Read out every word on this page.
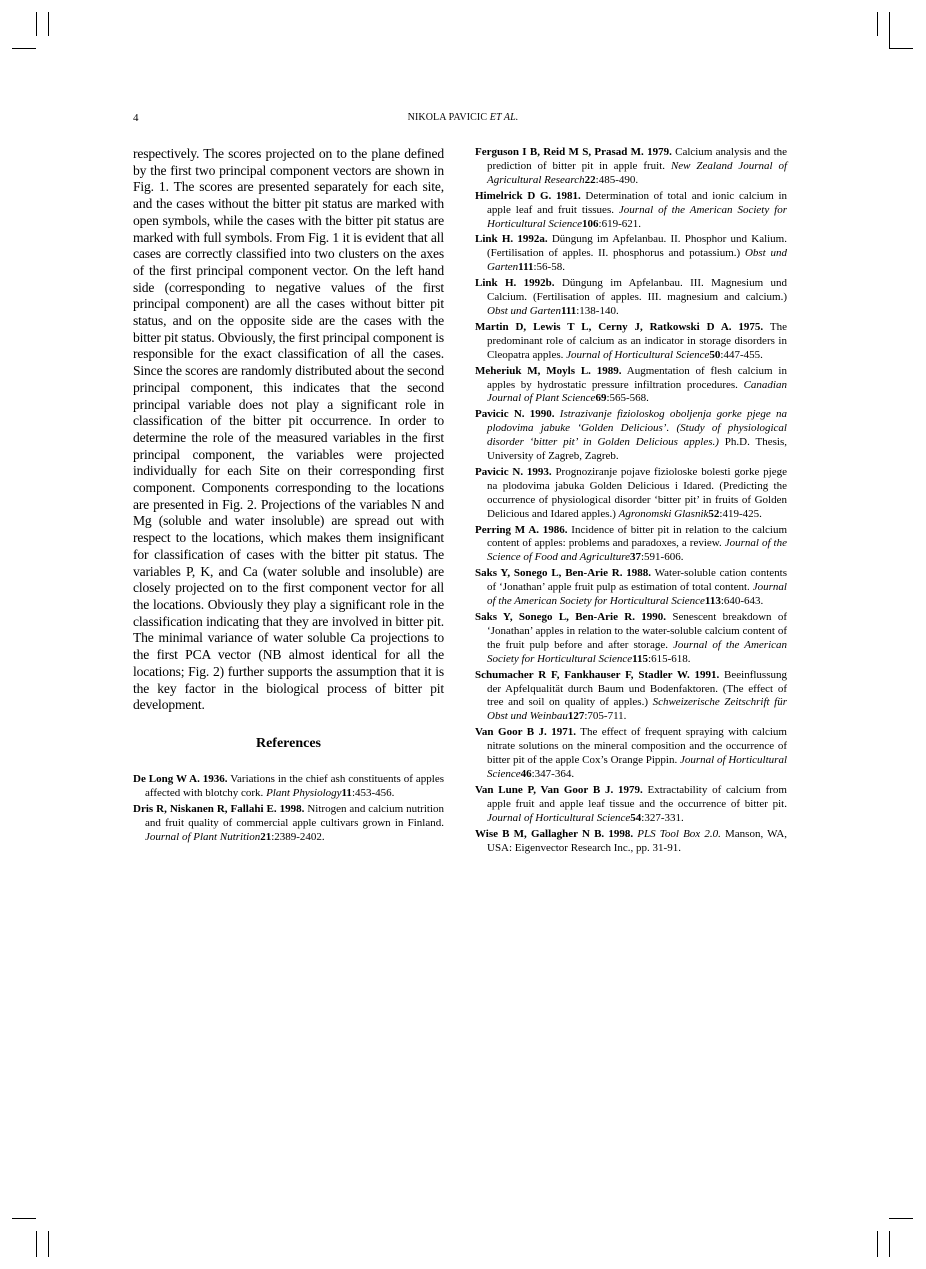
4	NIKOLA PAVICIC ET AL.

respectively. The scores projected on to the plane defined by the first two principal component vectors are shown in Fig. 1. The scores are presented separately for each site, and the cases without the bitter pit status are marked with open symbols, while the cases with the bitter pit status are marked with full symbols. From Fig. 1 it is evident that all cases are correctly classified into two clusters on the axes of the first principal component vector. On the left hand side (corresponding to negative values of the first principal component) are all the cases without bitter pit status, and on the opposite side are the cases with the bitter pit status. Obviously, the first principal component is responsible for the exact classification of all the cases. Since the scores are randomly distributed about the second principal component, this indicates that the second principal variable does not play a significant role in classification of the bitter pit occurrence. In order to determine the role of the measured variables in the first principal component, the variables were projected individually for each Site on their corresponding first component. Components corresponding to the locations are presented in Fig. 2. Projections of the variables N and Mg (soluble and water insoluble) are spread out with respect to the locations, which makes them insignificant for classification of cases with the bitter pit status. The variables P, K, and Ca (water soluble and insoluble) are closely projected on to the first component vector for all the locations. Obviously they play a significant role in the classification indicating that they are involved in bitter pit. The minimal variance of water soluble Ca projections to the first PCA vector (NB almost identical for all the locations; Fig. 2) further supports the assumption that it is the key factor in the biological process of bitter pit development.

References

De Long W A. 1936. Variations in the chief ash constituents of apples affected with blotchy cork. Plant Physiology11:453-456.

Dris R, Niskanen R, Fallahi E. 1998. Nitrogen and calcium nutrition and fruit quality of commercial apple cultivars grown in Finland. Journal of Plant Nutrition21:2389-2402.

Ferguson I B, Reid M S, Prasad M. 1979. Calcium analysis and the prediction of bitter pit in apple fruit. New Zealand Journal of Agricultural Research22:485-490.

Himelrick D G. 1981. Determination of total and ionic calcium in apple leaf and fruit tissues. Journal of the American Society for Horticultural Science106:619-621.

Link H. 1992a. Düngung im Apfelanbau. II. Phosphor und Kalium. (Fertilisation of apples. II. phosphorus and potassium.) Obst und Garten111:56-58.

Link H. 1992b. Düngung im Apfelanbau. III. Magnesium und Calcium. (Fertilisation of apples. III. magnesium and calcium.) Obst und Garten111:138-140.

Martin D, Lewis T L, Cerny J, Ratkowski D A. 1975. The predominant role of calcium as an indicator in storage disorders in Cleopatra apples. Journal of Horticultural Science50:447-455.

Meheriuk M, Moyls L. 1989. Augmentation of flesh calcium in apples by hydrostatic pressure infiltration procedures. Canadian Journal of Plant Science69:565-568.

Pavicic N. 1990. Istrazivanje fizioloskog oboljenja gorke pjege na plodovima jabuke ‘Golden Delicious’. (Study of physiological disorder ‘bitter pit’ in Golden Delicious apples.) Ph.D. Thesis, University of Zagreb, Zagreb.

Pavicic N. 1993. Prognoziranje pojave fizioloske bolesti gorke pjege na plodovima jabuka Golden Delicious i Idared. (Predicting the occurrence of physiological disorder ‘bitter pit’ in fruits of Golden Delicious and Idared apples.) Agronomski Glasnik52:419-425.

Perring M A. 1986. Incidence of bitter pit in relation to the calcium content of apples: problems and paradoxes, a review. Journal of the Science of Food and Agriculture37:591-606.

Saks Y, Sonego L, Ben-Arie R. 1988. Water-soluble cation contents of ‘Jonathan’ apple fruit pulp as estimation of total content. Journal of the American Society for Horticultural Science113:640-643.

Saks Y, Sonego L, Ben-Arie R. 1990. Senescent breakdown of ‘Jonathan’ apples in relation to the water-soluble calcium content of the fruit pulp before and after storage. Journal of the American Society for Horticultural Science115:615-618.

Schumacher R F, Fankhauser F, Stadler W. 1991. Beeinflussung der Apfelqualität durch Baum und Bodenfaktoren. (The effect of tree and soil on quality of apples.) Schweizerische Zeitschrift für Obst und Weinbau127:705-711.

Van Goor B J. 1971. The effect of frequent spraying with calcium nitrate solutions on the mineral composition and the occurrence of bitter pit of the apple Cox’s Orange Pippin. Journal of Horticultural Science46:347-364.

Van Lune P, Van Goor B J. 1979. Extractability of calcium from apple fruit and apple leaf tissue and the occurrence of bitter pit. Journal of Horticultural Science54:327-331.

Wise B M, Gallagher N B. 1998. PLS Tool Box 2.0. Manson, WA, USA: Eigenvector Research Inc., pp. 31-91.
